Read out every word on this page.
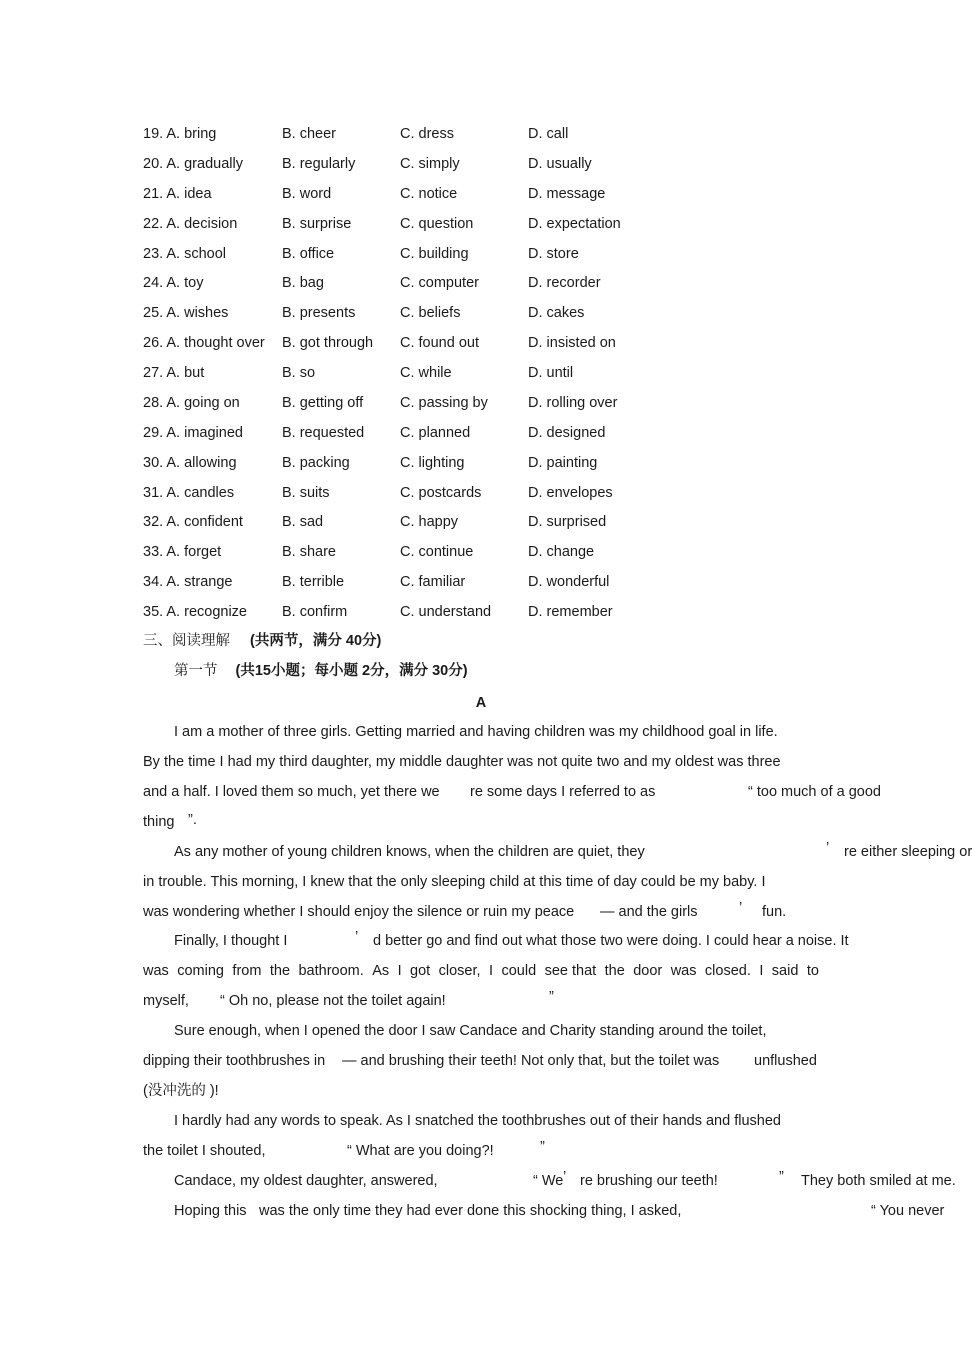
19. A. bring	B. cheer	C. dress	D. call
20. A. gradually	B. regularly	C. simply	D. usually
21. A. idea	B. word	C. notice	D. message
22. A. decision	B. surprise	C. question	D. expectation
23. A. school	B. office	C. building	D. store
24. A. toy	B. bag	C. computer	D. recorder
25. A. wishes	B. presents	C. beliefs	D. cakes
26. A. thought over B. got through C. found out	D. insisted on
27. A. but	B. so	C. while	D. until
28. A. going on	B. getting off	C. passing by	D. rolling over
29. A. imagined	B. requested C. planned	D. designed
30. A. allowing	B. packing	C. lighting	D. painting
31. A. candles	B. suits	C. postcards	D. envelopes
32. A. confident	B. sad	C. happy	D. surprised
33. A. forget	B. share	C. continue	D. change
34. A. strange	B. terrible	C. familiar	D. wonderful
35. A. recognize B. confirm	C. understand	D. remember
三、阅读理解 (共两节，满分 40分)
第一节 (共15小题；每小题 2分，满分 30分)
A
I am a mother of three girls. Getting married and having children was my childhood goal in life.
By the time I had my third daughter, my middle daughter was not quite two and my oldest was three
and a half. I loved them so much, yet there we re some days I referred to as	“ too much of a good
thing ”.
As any mother of young children knows, when the children are quiet, they	’ re either sleeping or
in trouble. This morning, I knew that the only sleeping child at this time of day could be my baby. I
was wondering whether I should enjoy the silence or ruin my peace — and the girls	’ fun.
Finally, I thought I	’ d better go and find out what those two were doing. I could hear a noise. It
was coming from the bathroom. As I got closer, I could see that the door was closed. I said to
myself, “ Oh no, please not the toilet again!	”
Sure enough, when I opened the door I saw Candace and Charity standing around the toilet,
dipping their toothbrushes in — and brushing their teeth! Not only that, but the toilet was unflushed
(没冲洗的 )!
I hardly had any words to speak. As I snatched the toothbrushes out of their hands and flushed
the toilet I shouted,	“ What are you doing?!	”
Candace, my oldest daughter, answered,	“ We ’ re brushing our teeth!	” They both smiled at me.
Hoping this was the only time they had ever done this shocking thing, I asked,	“ You never
